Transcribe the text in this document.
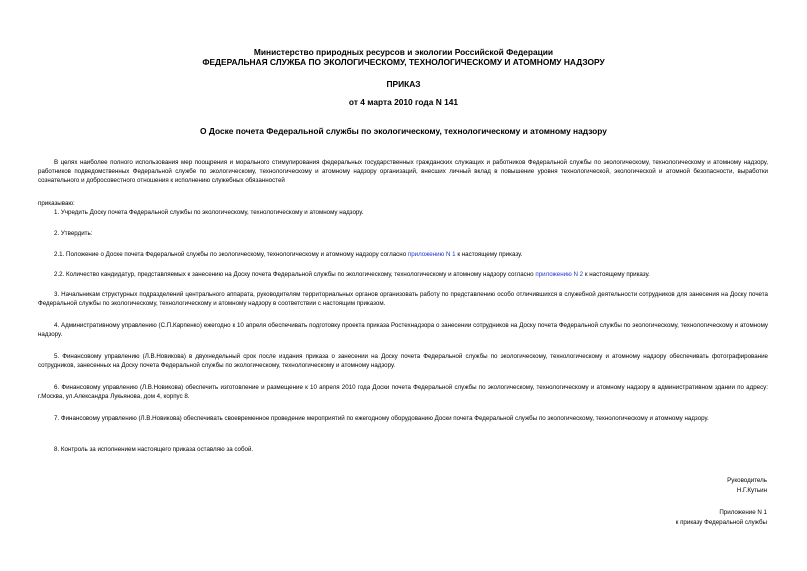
Министерство природных ресурсов и экологии Российской Федерации
ФЕДЕРАЛЬНАЯ СЛУЖБА ПО ЭКОЛОГИЧЕСКОМУ, ТЕХНОЛОГИЧЕСКОМУ И АТОМНОМУ НАДЗОРУ
ПРИКАЗ
от 4 марта 2010 года N 141
О Доске почета Федеральной службы по экологическому, технологическому и атомному надзору
В целях наиболее полного использования мер поощрения и морального стимулирования федеральных государственных гражданских служащих и работников Федеральной службы по экологическому, технологическому и атомному надзору, работников подведомственных Федеральной службе по экологическому, технологическому и атомному надзору организаций, внесших личный вклад в повышение уровня технологической, экологической и атомной безопасности, выработки сознательного и добросовестного отношения к исполнению служебных обязанностей
приказываю:
1. Учредить Доску почета Федеральной службы по экологическому, технологическому и атомному надзору.
2. Утвердить:
2.1. Положение о Доске почета Федеральной службы по экологическому, технологическому и атомному надзору согласно приложению N 1 к настоящему приказу.
2.2. Количество кандидатур, представляемых к занесению на Доску почета Федеральной службы по экологическому, технологическому и атомному надзору согласно приложению N 2 к настоящему приказу.
3. Начальникам структурных подразделений центрального аппарата, руководителям территориальных органов организовать работу по представлению особо отличившихся в служебной деятельности сотрудников для занесения на Доску почета Федеральной службы по экологическому, технологическому и атомному надзору в соответствии с настоящим приказом.
4. Административному управлению (С.П.Карпенко) ежегодно к 10 апреля обеспечивать подготовку проекта приказа Ростехнадзора о занесении сотрудников на Доску почета Федеральной службы по экологическому, технологическому и атомному надзору.
5. Финансовому управлению (Л.В.Новикова) в двухнедельный срок после издания приказа о занесении на Доску почета Федеральной службы по экологическому, технологическому и атомному надзору обеспечивать фотографирование сотрудников, занесенных на Доску почета Федеральной службы по экологическому, технологическому и атомному надзору.
6. Финансовому управлению (Л.В.Новикова) обеспечить изготовление и размещение к 10 апреля 2010 года Доски почета Федеральной службы по экологическому, технологическому и атомному надзору в административном здании по адресу: г.Москва, ул.Александра Лукьянова, дом 4, корпус 8.
7. Финансовому управлению (Л.В.Новикова) обеспечивать своевременное проведение мероприятий по ежегодному оборудованию Доски почета Федеральной службы по экологическому, технологическому и атомному надзору.
8. Контроль за исполнением настоящего приказа оставляю за собой.
Руководитель
Н.Г.Кутьин
Приложение N 1
к приказу Федеральной службы
